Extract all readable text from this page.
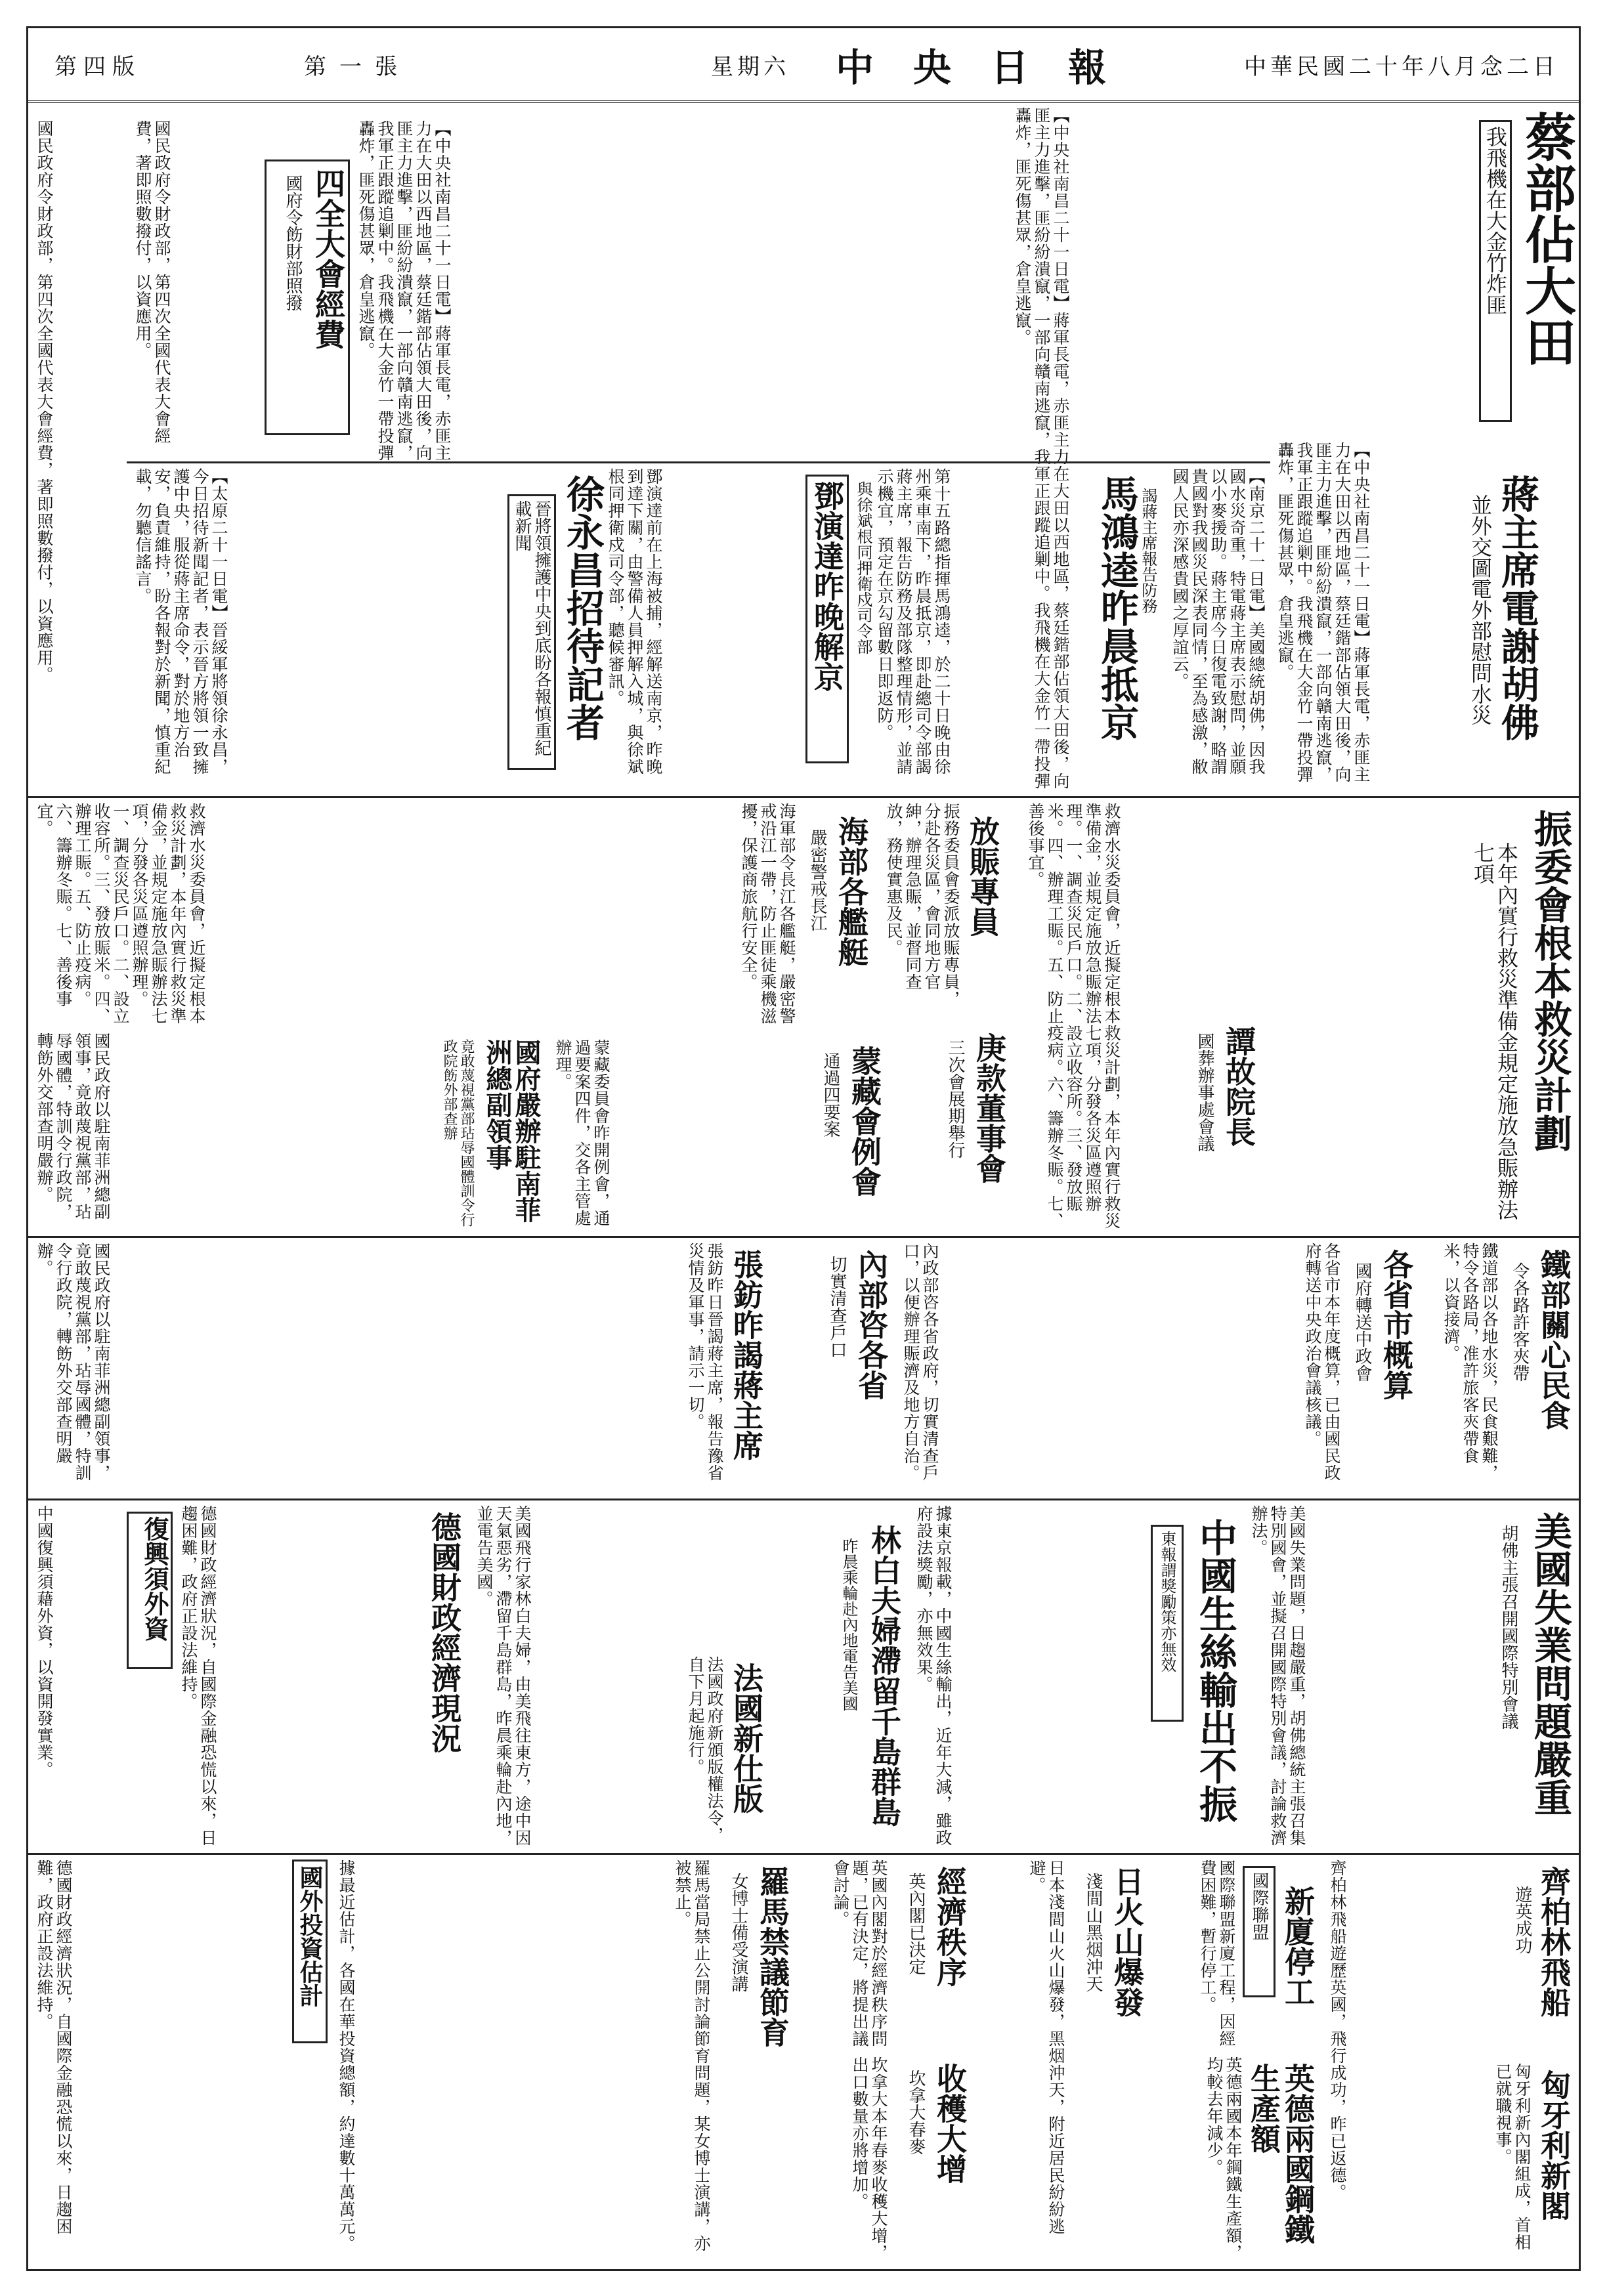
中華民國二十年八月念二日
中央日報
星期六
第一張
第四版
蔡部佔大田
我飛機在大金竹炸匪
【中央社南昌二十一日電】蔣軍長電，赤匪主力在大田以西地區，蔡廷鍇部佔領大田後，向匪主力進擊，匪紛紛潰竄，一部向贛南逃竄，我軍正跟蹤追剿中。我飛機在大金竹一帶投彈轟炸，匪死傷甚眾，倉皇逃竄。
【中央社南昌二十一日電】蔣軍長電，赤匪主力在大田以西地區，蔡廷鍇部佔領大田後，向匪主力進擊，匪紛紛潰竄，一部向贛南逃竄，我軍正跟蹤追剿中。我飛機在大金竹一帶投彈轟炸，匪死傷甚眾，倉皇逃竄。
四全大會經費
國府令飭財部照撥
國民政府令財政部，第四次全國代表大會經費，著即照數撥付，以資應用。
國民政府令財政部，第四次全國代表大會經費，著即照數撥付，以資應用。	【中央社南昌二十一日電】蔣軍長電，赤匪主力在大田以西地區，蔡廷鍇部佔領大田後，向匪主力進擊，匪紛紛潰竄，一部向贛南逃竄，我軍正跟蹤追剿中。我飛機在大金竹一帶投彈轟炸，匪死傷甚眾，倉皇逃竄。
蔣主席電謝胡佛
並外交圖電外部慰問水災
【南京二十一日電】美國總統胡佛，因我國水災奇重，特電蔣主席表示慰問，並願以小麥援助。蔣主席今日復電致謝，略謂貴國對我國災民深表同情，至為感激，敝國人民亦深感貴國之厚誼云。
馬鴻逵昨晨抵京 謁蔣主席報告防務
第十五路總指揮馬鴻逵，於二十日晚由徐州乘車南下，昨晨抵京，即赴總司令部謁蔣主席，報告防務及部隊整理情形，並請示機宜，預定在京勾留數日即返防。
鄧演達昨晚解京 與徐斌根同押衛戍司令部
鄧演達前在上海被捕，經解送南京，昨晚到達下關，由警備人員押解入城，與徐斌根同押衛戍司令部，聽候審訊。
徐永昌招待記者
晉將領擁護中央到底盼各報慎重紀載新聞
【太原二十一日電】晉綏軍將領徐永昌，今日招待新聞記者，表示晉方將領一致擁護中央，服從蔣主席命令，對於地方治安，負責維持，盼各報對於新聞，慎重紀載，勿聽信謠言。
振委會根本救災計劃
本年內實行救災準備金規定施放急賑辦法七項
救濟水災委員會，近擬定根本救災計劃，本年內實行救災準備金，並規定施放急賑辦法七項，分發各災區遵照辦理。一、調查災民戶口。二、設立收容所。三、發放賑米。四、辦理工賑。五、防止疫病。六、籌辦冬賑。七、善後事宜。
放賑專員
振務委員會委派放賑專員，分赴各災區，會同地方官紳，辦理急賑，並督同查放，務使實惠及民。
海部各艦艇
嚴密警戒長江
海軍部令長江各艦艇，嚴密警戒沿江一帶，防止匪徒乘機滋擾，保護商旅航行安全。
救濟水災委員會，近擬定根本救災計劃，本年內實行救災準備金，並規定施放急賑辦法七項，分發各災區遵照辦理。一、調查災民戶口。二、設立收容所。三、發放賑米。四、辦理工賑。五、防止疫病。六、籌辦冬賑。七、善後事宜。
譚故院長
國葬辦事處會議
庚款董事會
三次會展期舉行
蒙藏會例會
通過四要案
國府嚴辦駐南菲洲總副領事
竟敢蔑視黨部玷辱國體訓令行政院飭外部查辦
國民政府以駐南菲洲總副領事，竟敢蔑視黨部，玷辱國體，特訓令行政院，轉飭外交部查明嚴辦。	蒙藏委員會昨開例會，通過要案四件，交各主管處辦理。
鐵部關心民食
令各路許客夾帶
鐵道部以各地水災，民食艱難，特令各路局，准許旅客夾帶食米，以資接濟。
各省市概算
國府轉送中政會
各省市本年度概算，已由國民政府轉送中央政治會議核議。
內部咨各省
切實清查戶口	內政部咨各省政府，切實清查戶口，以便辦理賑濟及地方自治。
張鈁昨謁蔣主席
張鈁昨日晉謁蔣主席，報告豫省災情及軍事，請示一切。
國民政府以駐南菲洲總副領事，竟敢蔑視黨部，玷辱國體，特訓令行政院，轉飭外交部查明嚴辦。
美國失業問題嚴重
胡佛主張召開國際特別會議
美國失業問題，日趨嚴重，胡佛總統主張召集特別國會，並擬召開國際特別會議，討論救濟辦法。
中國生絲輸出不振
東報謂獎勵策亦無效
據東京報載，中國生絲輸出，近年大減，雖政府設法獎勵，亦無效果。
林白夫婦滯留千島群島
昨晨乘輪赴內地電告美國
法國新仕版
法國政府新頒版權法令，自下月起施行。
美國飛行家林白夫婦，由美飛往東方，途中因天氣惡劣，滯留千島群島，昨晨乘輪赴內地，並電告美國。
德國財政經濟現況
德國財政經濟狀況，自國際金融恐慌以來，日趨困難，政府正設法維持。
復興須外資
中國復興須藉外資，以資開發實業。
齊柏林飛船
遊英成功
齊柏林飛船遊歷英國，飛行成功，昨已返德。	匈牙利新閣
匈牙利新內閣組成，首相已就職視事。
新廈停工
國際聯盟
國際聯盟新廈工程，因經費困難，暫行停工。
英德兩國鋼鐵生產額
英德兩國本年鋼鐵生產額，均較去年減少。
日火山爆發
淺間山黑烟沖天
日本淺間山火山爆發，黑烟沖天，附近居民紛紛逃避。
收穫大增
坎拿大春麥
坎拿大本年春麥收穫大增，出口數量亦將增加。
經濟秩序
英內閣已決定
英國內閣對於經濟秩序問題，已有決定，將提出議會討論。
羅馬禁議節育
女博士備受演講
羅馬當局禁止公開討論節育問題，某女博士演講，亦被禁止。
國外投資估計 據最近估計，各國在華投資總額，約達數十萬萬元。
德國財政經濟狀況，自國際金融恐慌以來，日趨困難，政府正設法維持。
